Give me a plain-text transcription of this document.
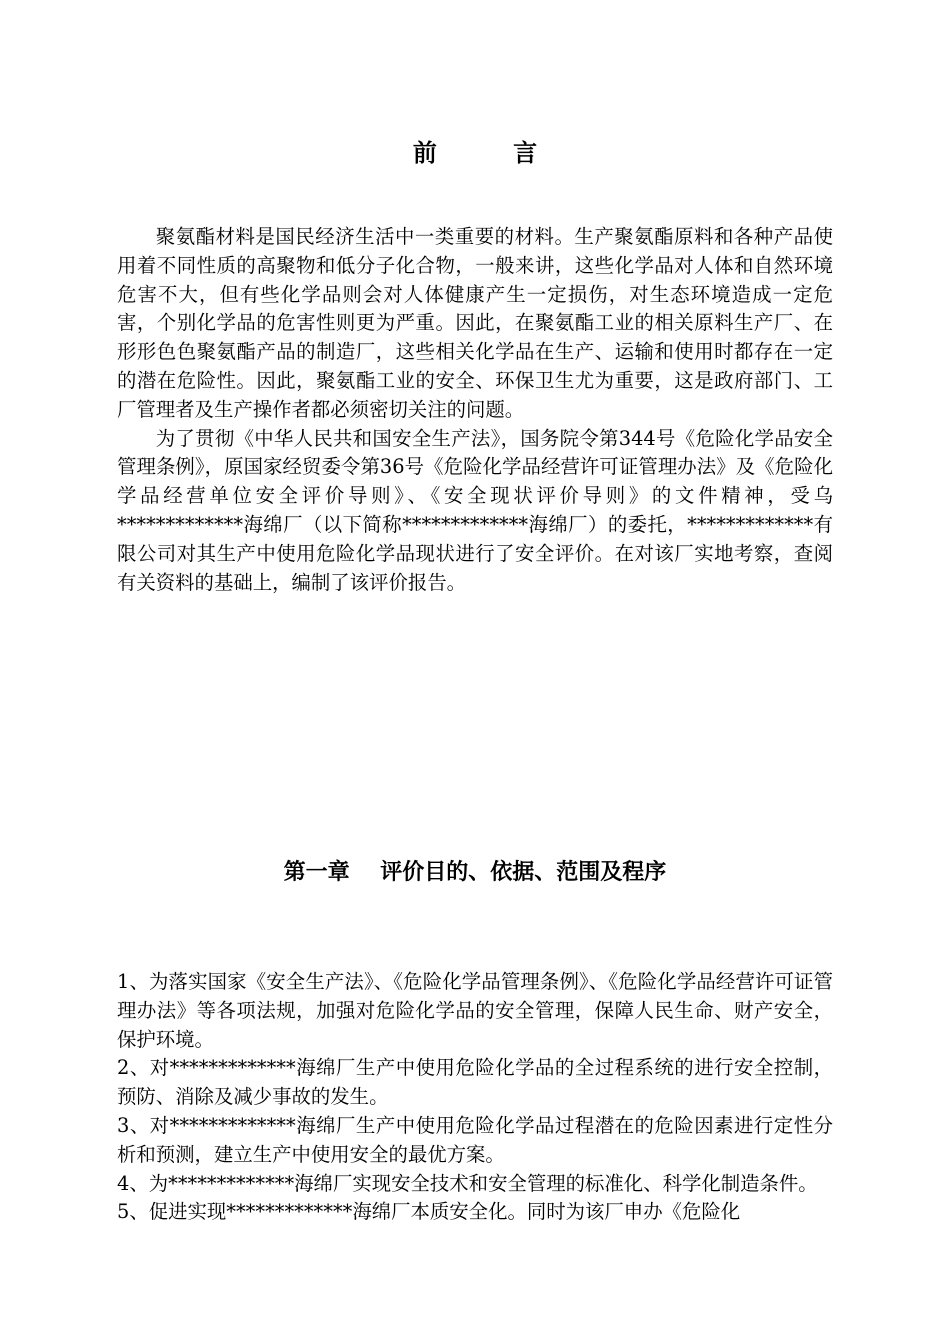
前 言

聚氨酯材料是国民经济生活中一类重要的材料。生产聚氨酯原料和各种产品使用着不同性质的高聚物和低分子化合物，一般来讲，这些化学品对人体和自然环境危害不大，但有些化学品则会对人体健康产生一定损伤，对生态环境造成一定危害，个别化学品的危害性则更为严重。因此，在聚氨酯工业的相关原料生产厂、在形形色色聚氨酯产品的制造厂，这些相关化学品在生产、运输和使用时都存在一定的潜在危险性。因此，聚氨酯工业的安全、环保卫生尤为重要，这是政府部门、工厂管理者及生产操作者都必须密切关注的问题。

为了贯彻《中华人民共和国安全生产法》，国务院令第344号《危险化学品安全管理条例》，原国家经贸委令第36号《危险化学品经营许可证管理办法》及《危险化学品经营单位安全评价导则》、《安全现状评价导则》的文件精神，受乌*************海绵厂（以下简称*************海绵厂）的委托，*************有限公司对其生产中使用危险化学品现状进行了安全评价。在对该厂实地考察，查阅有关资料的基础上，编制了该评价报告。

第一章    评价目的、依据、范围及程序

1、为落实国家《安全生产法》、《危险化学品管理条例》、《危险化学品经营许可证管理办法》等各项法规，加强对危险化学品的安全管理，保障人民生命、财产安全，保护环境。

2、对*************海绵厂生产中使用危险化学品的全过程系统的进行安全控制，预防、消除及减少事故的发生。

3、对*************海绵厂生产中使用危险化学品过程潜在的危险因素进行定性分析和预测，建立生产中使用安全的最优方案。

4、为*************海绵厂实现安全技术和安全管理的标准化、科学化制造条件。

5、促进实现*************海绵厂本质安全化。同时为该厂申办《危险化
